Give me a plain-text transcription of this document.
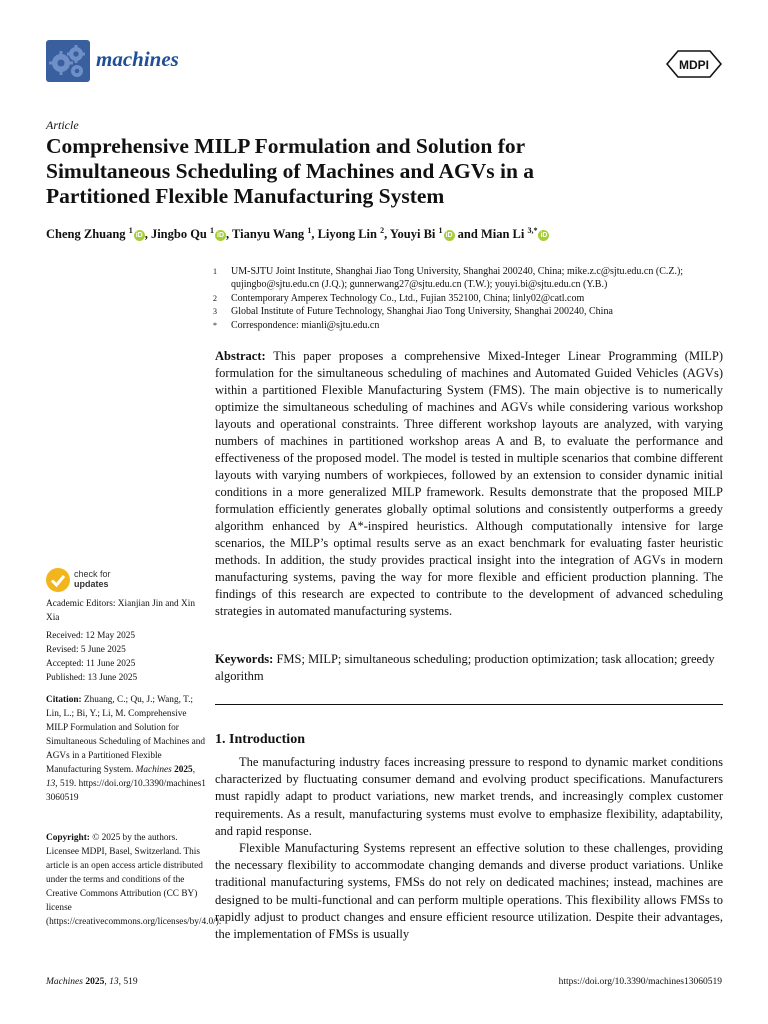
machines	MDPI
Article
Comprehensive MILP Formulation and Solution for
Simultaneous Scheduling of Machines and AGVs in a
Partitioned Flexible Manufacturing System
Cheng Zhuang $^1$iD , Jingbo Qu $^1$iD , Tianyu Wang $^1$, Liyong Lin $^2$, Youyi Bi $^1$iD and Mian Li $^{3,*}$iD
1	UM-SJTU Joint Institute, Shanghai Jiao Tong University, Shanghai 200240, China; mike.z.c@sjtu.edu.cn (C.Z.);
qujingbo@sjtu.edu.cn (J.Q.); gunnerwang27@sjtu.edu.cn (T.W.); youyi.bi@sjtu.edu.cn (Y.B.)
2	Contemporary Amperex Technology Co., Ltd., Fujian 352100, China; linly02@catl.com
3	Global Institute of Future Technology, Shanghai Jiao Tong University, Shanghai 200240, China
*	Correspondence: mianli@sjtu.edu.cn
Abstract: This paper proposes a comprehensive Mixed-Integer Linear Programming (MILP) formulation for the simultaneous scheduling of machines and Automated Guided Vehicles (AGVs) within a partitioned Flexible Manufacturing System (FMS). The main objective is to numerically optimize the simultaneous scheduling of machines and AGVs while considering various workshop layouts and operational constraints. Three different workshop layouts are analyzed, with varying numbers of machines in partitioned workshop areas A and B, to evaluate the performance and effectiveness of the proposed model. The model is tested in multiple scenarios that combine different layouts with varying numbers of workpieces, followed by an extension to consider dynamic initial conditions in a more generalized MILP framework. Results demonstrate that the proposed MILP formulation efficiently generates globally optimal solutions and consistently outperforms a greedy algorithm enhanced by A*-inspired heuristics. Although computationally intensive for large scenarios, the MILP’s optimal results serve as an exact benchmark for evaluating faster heuristic methods. In addition, the study provides practical insight into the integration of AGVs in modern manufacturing systems, paving the way for more flexible and efficient production planning. The findings of this research are expected to contribute to the development of advanced scheduling strategies in automated manufacturing systems.
Keywords: FMS; MILP; simultaneous scheduling; production optimization; task allocation; greedy algorithm
1. Introduction

The manufacturing industry faces increasing pressure to respond to dynamic market conditions characterized by fluctuating consumer demand and evolving product specifications. Manufacturers must rapidly adapt to product variations, new market trends, and increasingly complex customer requirements. As a result, manufacturing systems must evolve to emphasize flexibility, adaptability, and rapid response.

Flexible Manufacturing Systems represent an effective solution to these challenges, providing the necessary flexibility to accommodate changing demands and diverse product variations. Unlike traditional manufacturing systems, FMSs do not rely on dedicated machines; instead, machines are designed to be multi-functional and can perform multiple operations. This flexibility allows FMSs to rapidly adjust to product changes and ensure efficient resource utilization. Despite their advantages, the implementation of FMSs is usually

check for
updates
Academic Editors: Xianjian Jin and Xin Xia
Received: 12 May 2025
Revised: 5 June 2025
Accepted: 11 June 2025
Published: 13 June 2025
Citation: Zhuang, C.; Qu, J.; Wang, T.; Lin, L.; Bi, Y.; Li, M. Comprehensive MILP Formulation and Solution for Simultaneous Scheduling of Machines and AGVs in a Partitioned Flexible Manufacturing System. Machines 2025, 13, 519. https://doi.org/10.3390/machines13060519
Copyright: © 2025 by the authors. Licensee MDPI, Basel, Switzerland. This article is an open access article distributed under the terms and conditions of the Creative Commons Attribution (CC BY) license (https://creativecommons.org/licenses/by/4.0/).
Machines 2025, 13, 519	https://doi.org/10.3390/machines13060519
